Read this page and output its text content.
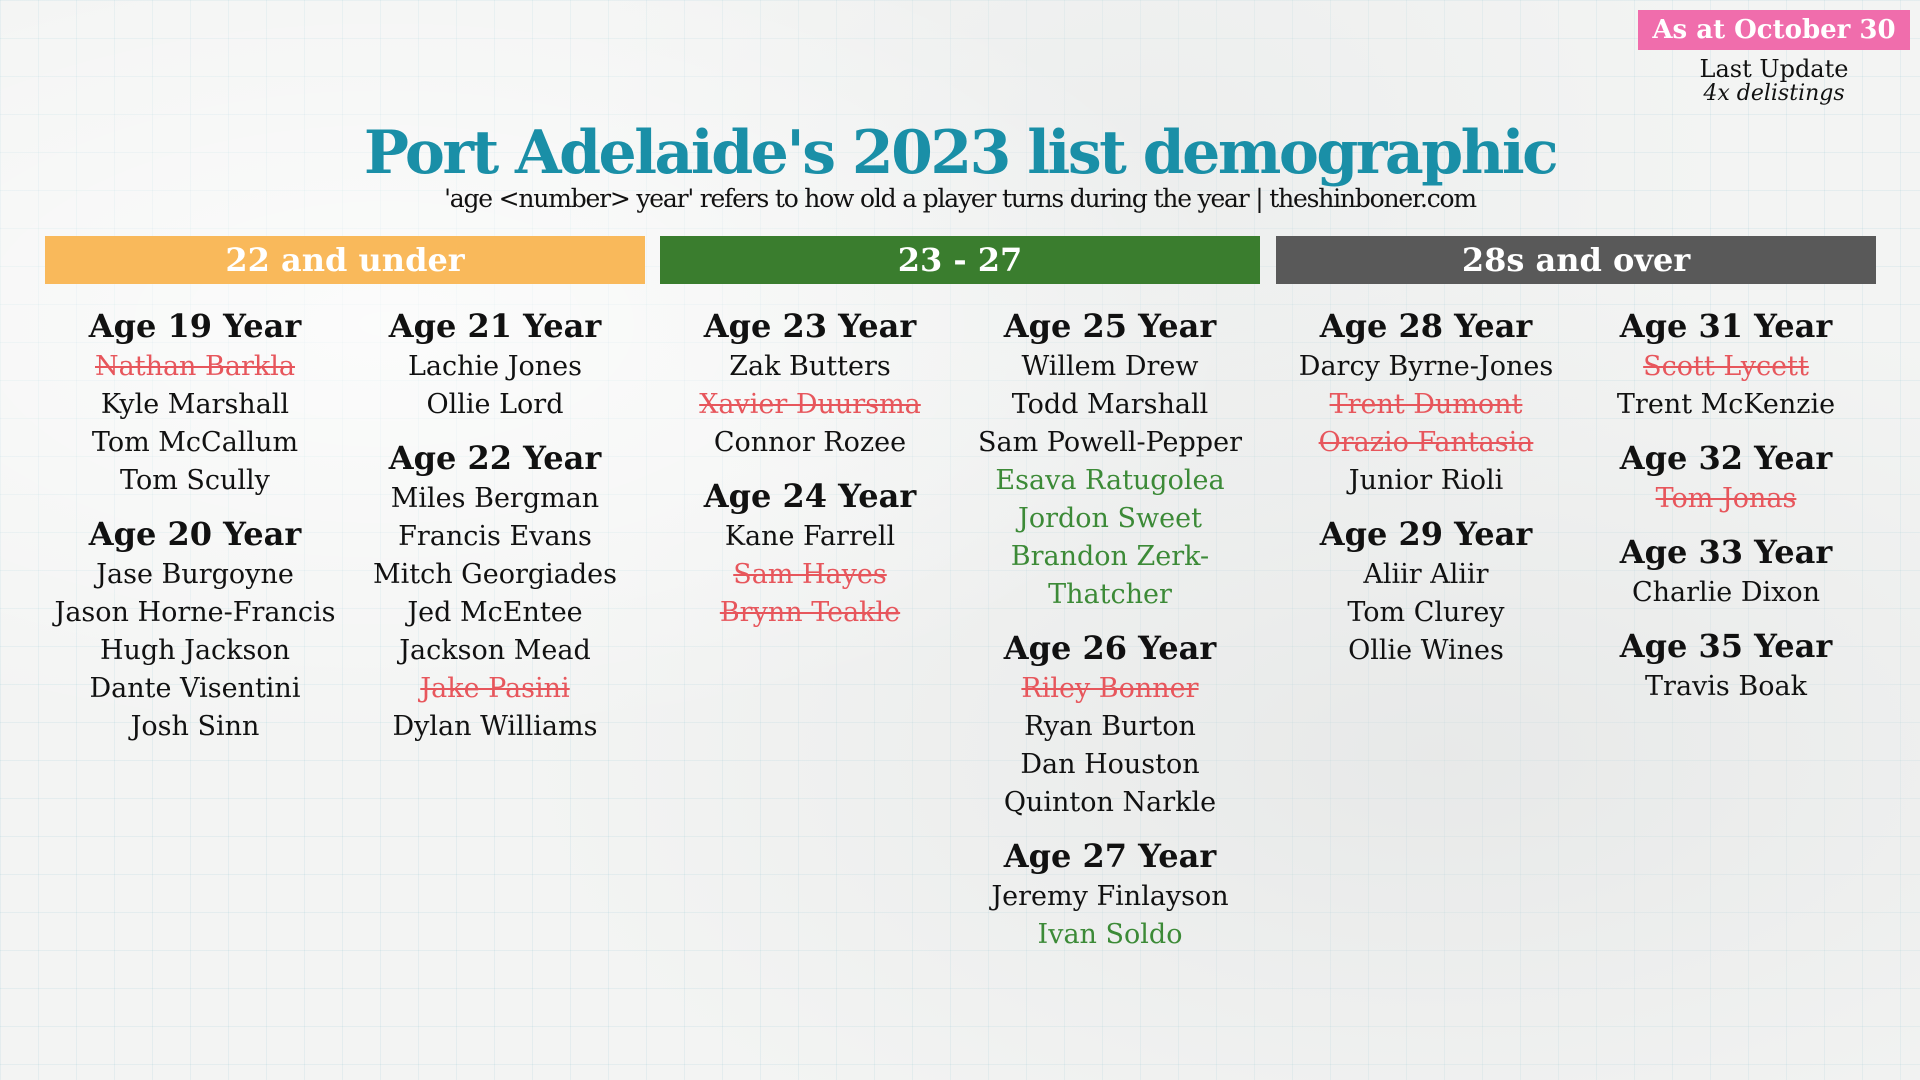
As at October 30
Last Update
4x delistings
Port Adelaide's 2023 list demographic
'age <number> year' refers to how old a player turns during the year | theshinboner.com
22 and under	23 - 27	28s and over
Age 19 Year
Nathan Barkla
Kyle Marshall
Tom McCallum
Tom Scully
Age 20 Year
Jase Burgoyne
Jason Horne-Francis
Hugh Jackson
Dante Visentini
Josh Sinn
Age 21 Year
Lachie Jones
Ollie Lord
Age 22 Year
Miles Bergman
Francis Evans
Mitch Georgiades
Jed McEntee
Jackson Mead
Jake Pasini
Dylan Williams
Age 23 Year
Zak Butters
Xavier Duursma
Connor Rozee
Age 24 Year
Kane Farrell
Sam Hayes
Brynn Teakle
Age 25 Year
Willem Drew
Todd Marshall
Sam Powell-Pepper
Esava Ratugolea
Jordon Sweet
Brandon Zerk-
Thatcher
Age 26 Year
Riley Bonner
Ryan Burton
Dan Houston
Quinton Narkle
Age 27 Year
Jeremy Finlayson
Ivan Soldo
Age 28 Year
Darcy Byrne-Jones
Trent Dumont
Orazio Fantasia
Junior Rioli
Age 29 Year
Aliir Aliir
Tom Clurey
Ollie Wines
Age 31 Year
Scott Lycett
Trent McKenzie
Age 32 Year
Tom Jonas
Age 33 Year
Charlie Dixon
Age 35 Year
Travis Boak
